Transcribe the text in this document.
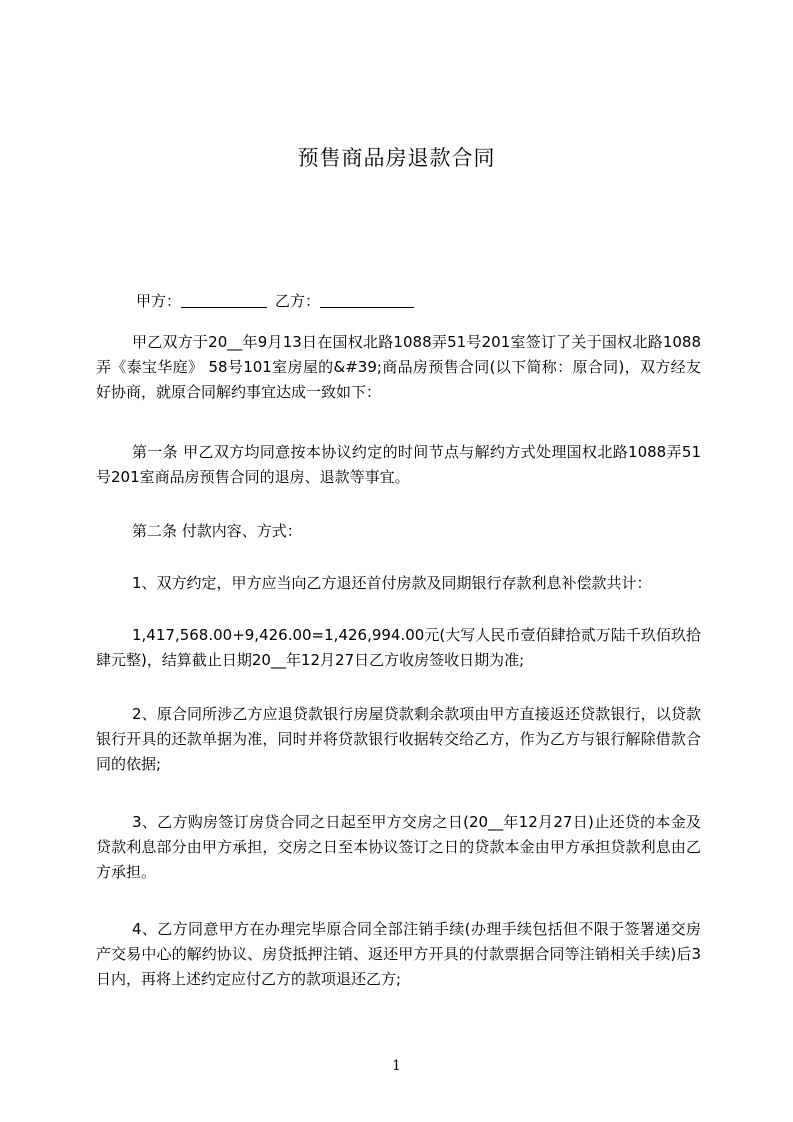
预售商品房退款合同
甲方：	乙方：

甲乙双方于20__年9月13日在国权北路1088弄51号201室签订了关于国权北路1088弄《泰宝华庭》 58号101室房屋的&#39;商品房预售合同(以下简称：原合同)，双方经友好协商，就原合同解约事宜达成一致如下：

第一条 甲乙双方均同意按本协议约定的时间节点与解约方式处理国权北路1088弄51号201室商品房预售合同的退房、退款等事宜。

第二条 付款内容、方式：

1、双方约定，甲方应当向乙方退还首付房款及同期银行存款利息补偿款共计：

1,417,568.00+9,426.00=1,426,994.00元(大写人民币壹佰肆拾贰万陆千玖佰玖拾肆元整)，结算截止日期20__年12月27日乙方收房签收日期为准;

2、原合同所涉乙方应退贷款银行房屋贷款剩余款项由甲方直接返还贷款银行，以贷款银行开具的还款单据为准，同时并将贷款银行收据转交给乙方，作为乙方与银行解除借款合同的依据;

3、乙方购房签订房贷合同之日起至甲方交房之日(20__年12月27日)止还贷的本金及贷款利息部分由甲方承担，交房之日至本协议签订之日的贷款本金由甲方承担贷款利息由乙方承担。

4、乙方同意甲方在办理完毕原合同全部注销手续(办理手续包括但不限于签署递交房产交易中心的解约协议、房贷抵押注销、返还甲方开具的付款票据合同等注销相关手续)后3日内，再将上述约定应付乙方的款项退还乙方;

1
